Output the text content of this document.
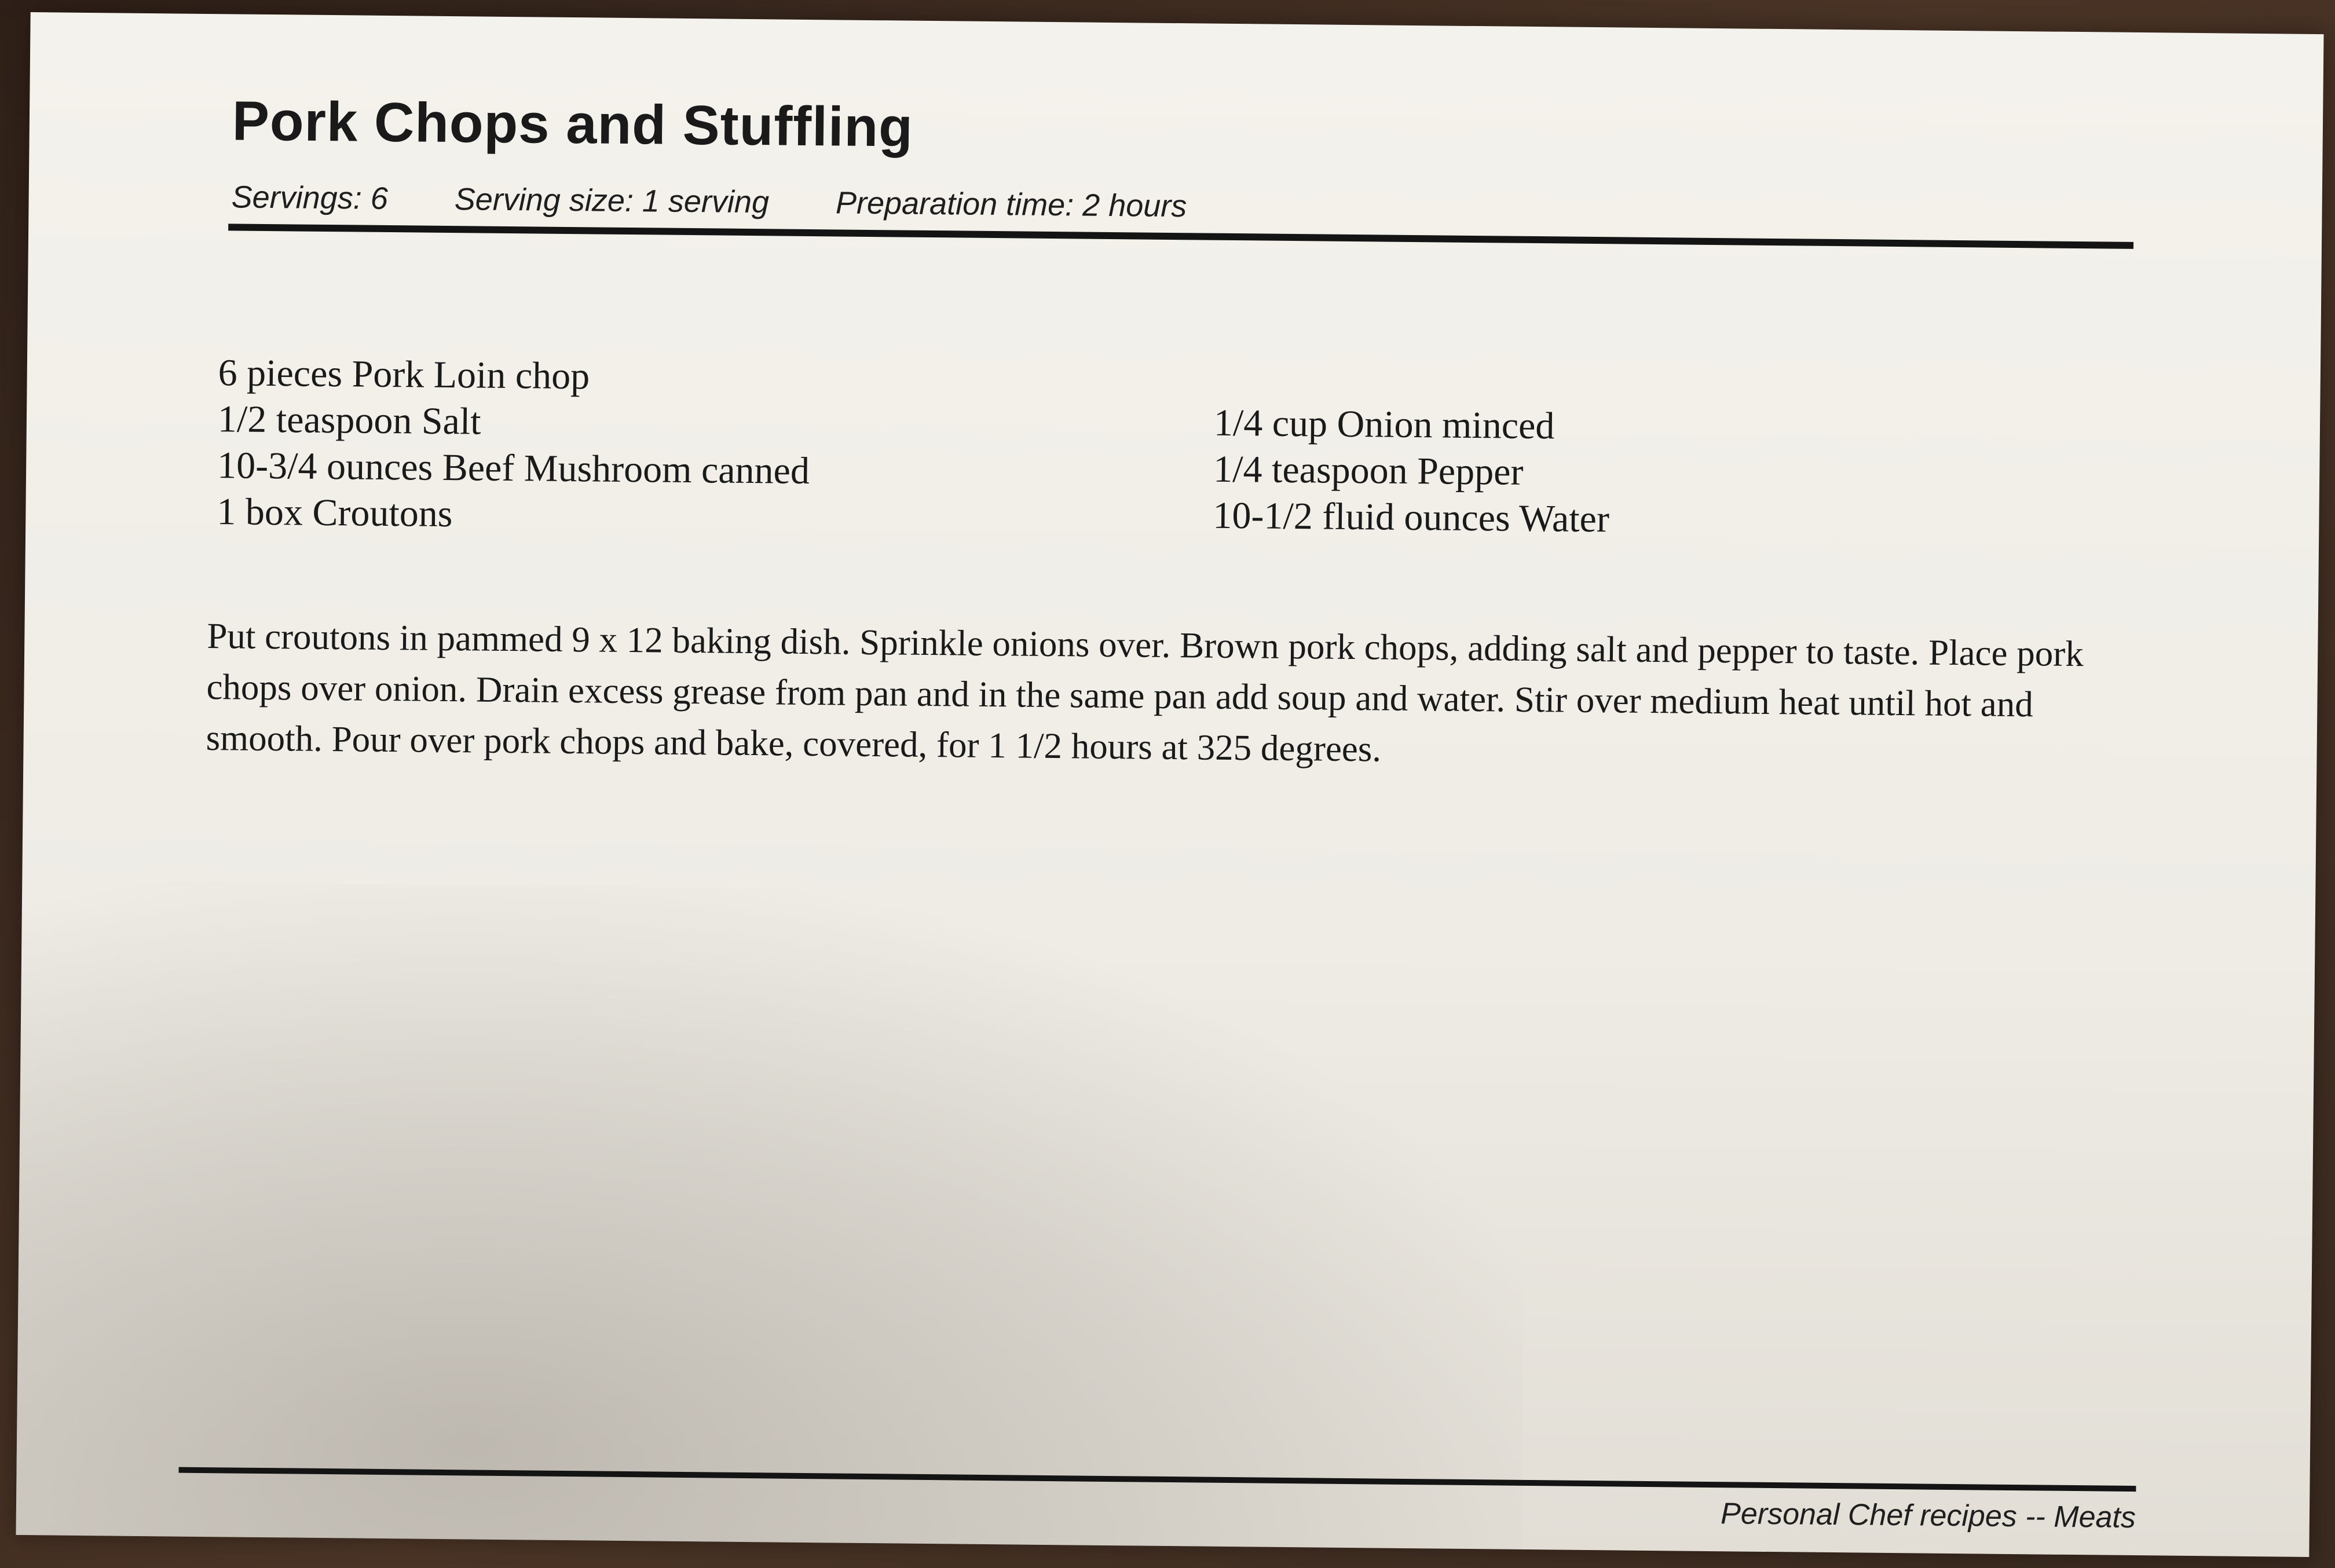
Pork Chops and Stuffling
Servings: 6 Serving size: 1 serving Preparation time: 2 hours
6 pieces Pork Loin chop
1/2 teaspoon Salt
10-3/4 ounces Beef Mushroom canned
1 box Croutons
1/4 cup Onion minced
1/4 teaspoon Pepper
10-1/2 fluid ounces Water
Put croutons in pammed 9 x 12 baking dish. Sprinkle onions over. Brown pork chops, adding salt and pepper to taste. Place pork chops over onion. Drain excess grease from pan and in the same pan add soup and water. Stir over medium heat until hot and smooth. Pour over pork chops and bake, covered, for 1 1/2 hours at 325 degrees.
Personal Chef recipes -- Meats
